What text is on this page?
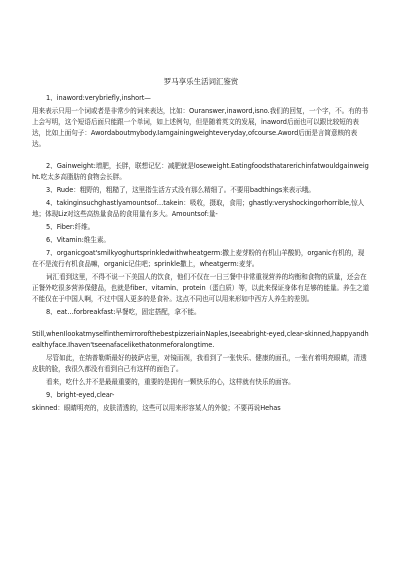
罗马享乐生活词汇鉴赏

1、inaword:verybriefly,inshort—

用来表示只用一个词或者是非常少的词来表达，比如：Ouranswer,inaword,isno.我们的回复，一个字，不。有的书上会写明，这个短语后面只能跟一个单词，如上述例句，但是随着英文的发展，inaword后面也可以跟比较短的表达，比如上面句子：Awordaboutmybody.Iamgainingweighteveryday,ofcourse.Aword后面是言简意赅的表达。

2、Gainweight:增肥，长胖，联想记忆：减肥就是loseweight.Eatingfoodsthatarerichinfatwouldgainweight.吃太多高脂肪的食物会长胖。

3、Rude：粗野的，粗糙了，这里指生活方式没有那么精细了。不要用badthings来表示哦。

4、takinginsuchghastlyamountsof…takein：吸收，摄取，食用；ghastly:veryshockingorhorrible,惊人地；体现Liz对这些高热量食品的食用量有多大。Amountsof:量-

5、Fiber:纤维。

6、Vitamin:维生素。

7、organicgoat'smilkyoghurtsprinkledwithwheatgerm:撒上麦芽粉的有机山羊酸奶，organic有机的，现在不是流行有机食品嘛，organic记住吧；sprinkle撒上，wheatgerm:麦芽。

词汇看到这里，不得不说一下美国人的饮食，他们不仅在一日三餐中非常重视营养的均衡和食物的质量，还会在正餐外吃很多营养保健品，也就是fiber、vitamin、protein（蛋白质）等，以此来保证身体有足够的能量。养生之道不能仅在于中国人啊，不过中国人更多的是食补。这点不同也可以用来形如中西方人养生的差别。

8、eat…forbreakfast:早餐吃，固定搭配，拿不能。

Still,whenIlookatmyselfinthemirrorofthebestpizzeriainNaples,Iseeabright-eyed,clear-skinned,happyandhealthyface.Ihaven'tseenafacelikethatonmeforalongtime.

尽管如此，在纳普勒斯最好的披萨店里，对镜而视，我看到了一张快乐、健康的面孔，一张有着明亮眼睛，清透皮肤的脸，我很久都没有看到自己有这样的面色了。

看来，吃什么并不是最最重要的，重要的是拥有一颗快乐的心，这样就有快乐的面容。

9、bright-eyed,clear-

skinned：眼睛明亮的，皮肤清透的，这些可以用来形容某人的外貌；不要再说Hehas
